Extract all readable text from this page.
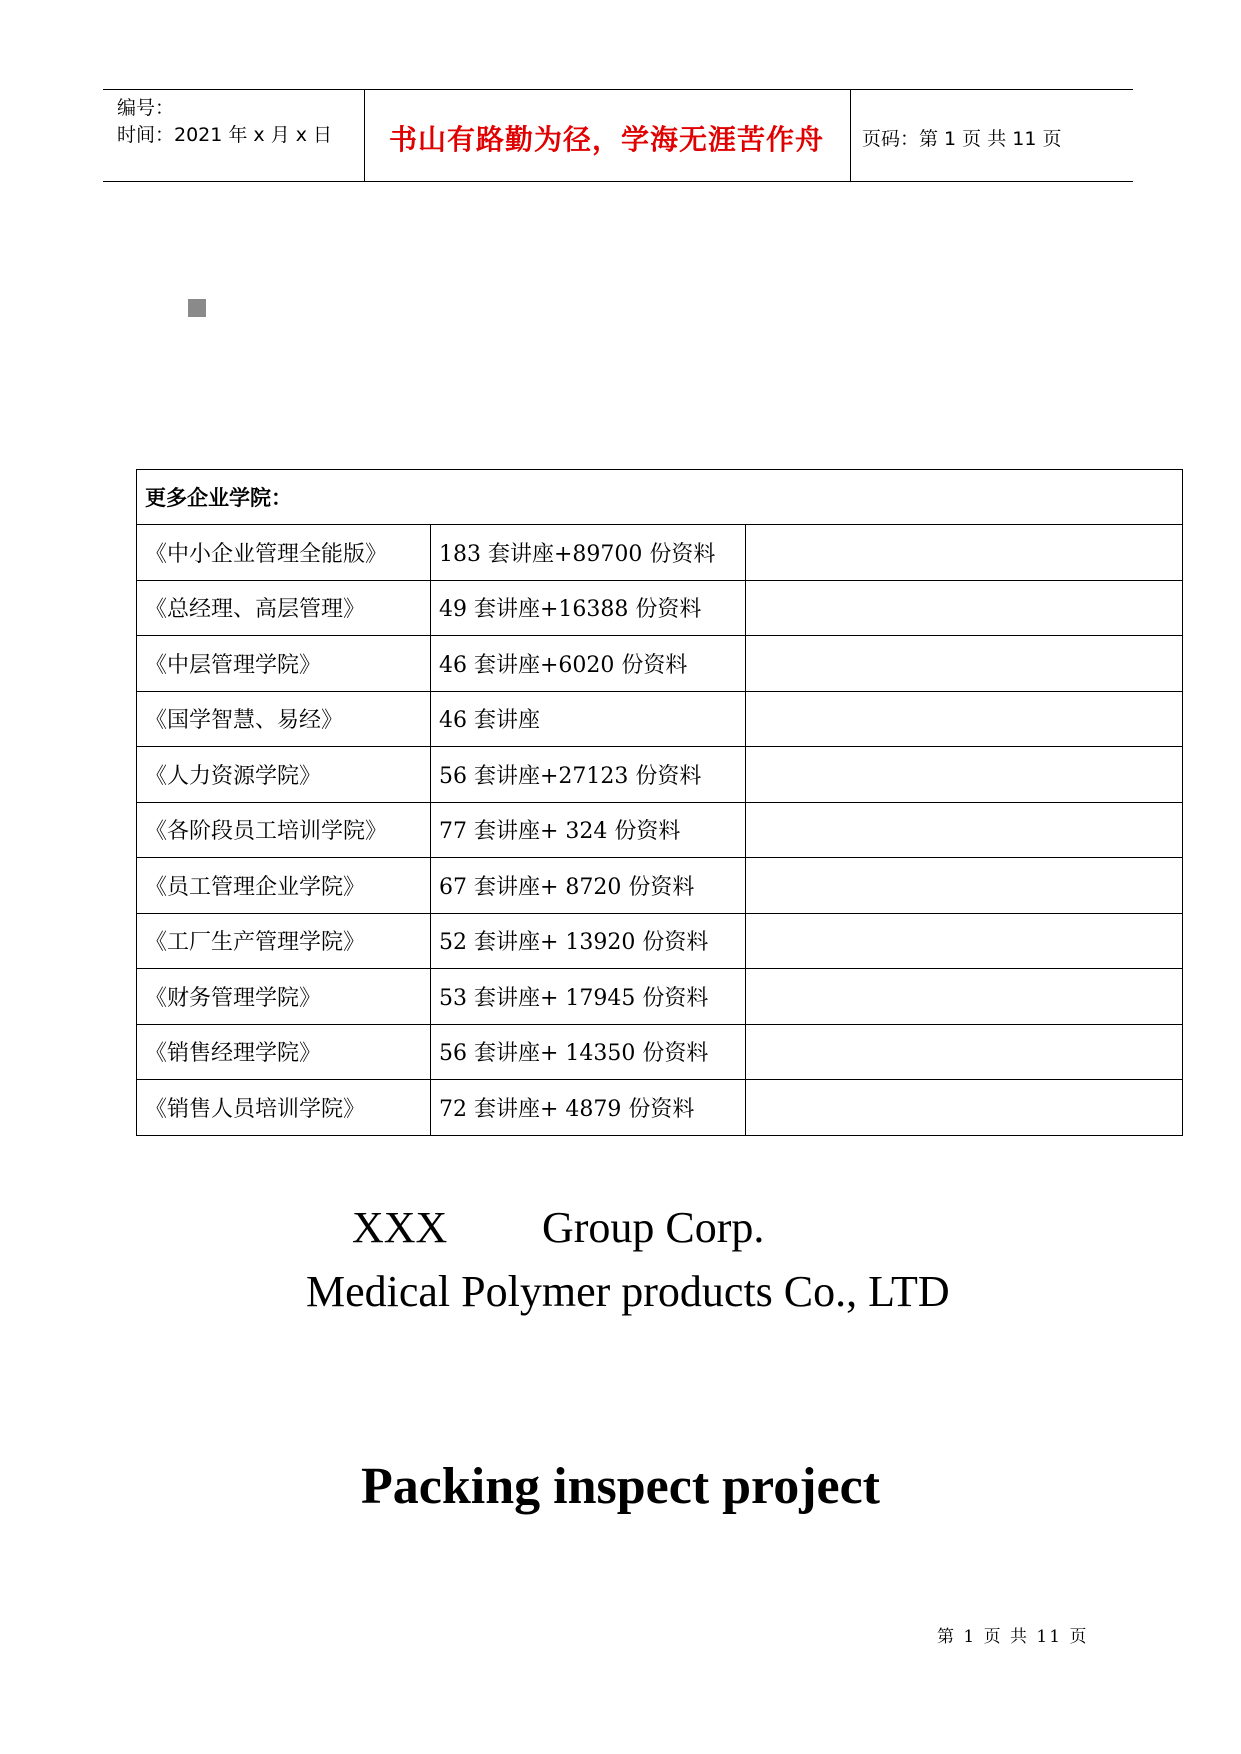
编号：
时间：2021 年 x 月 x 日 书山有路勤为径，学海无涯苦作舟 页码：第 1 页 共 11 页
更多企业学院：		
《中小企业管理全能版》	183 套讲座+89700 份资料	
《总经理、高层管理》	49 套讲座+16388 份资料	
《中层管理学院》	46 套讲座+6020 份资料	
《国学智慧、易经》	46 套讲座	
《人力资源学院》	56 套讲座+27123 份资料	
《各阶段员工培训学院》	77 套讲座+ 324 份资料	
《员工管理企业学院》	67 套讲座+ 8720 份资料	
《工厂生产管理学院》	52 套讲座+ 13920 份资料	
《财务管理学院》	53 套讲座+ 17945 份资料	
《销售经理学院》	56 套讲座+ 14350 份资料	
《销售人员培训学院》	72 套讲座+ 4879 份资料	
XXX Group Corp.
Medical Polymer products Co., LTD
Packing inspect project
第 1 页 共 11 页
